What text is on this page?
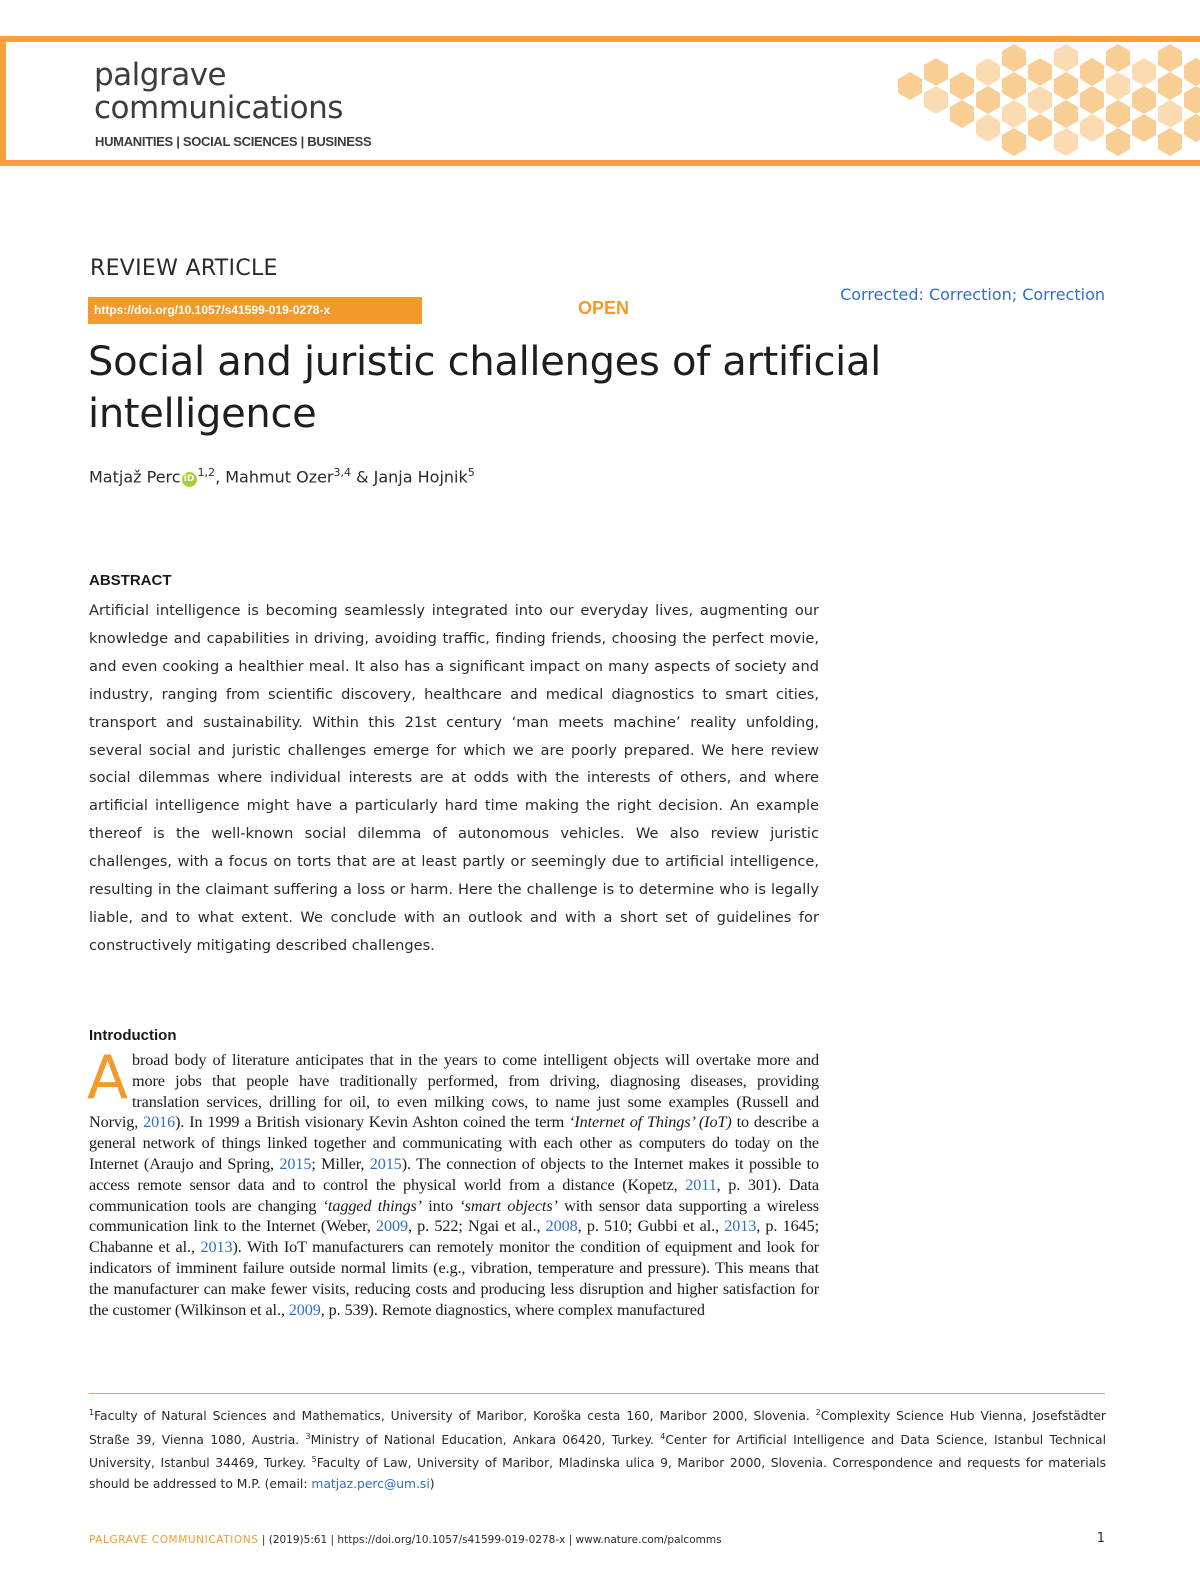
palgrave
communications
HUMANITIES | SOCIAL SCIENCES | BUSINESS
REVIEW ARTICLE
https://doi.org/10.1057/s41599-019-0278-x	OPEN
Corrected: Correction; Correction
Social and juristic challenges of artificial intelligence
Matjaž Perc iD$^{1,2}$, Mahmut Ozer$^{3,4}$ & Janja Hojnik$^5$
ABSTRACT

Artificial intelligence is becoming seamlessly integrated into our everyday lives, augmenting our knowledge and capabilities in driving, avoiding traffic, finding friends, choosing the perfect movie, and even cooking a healthier meal. It also has a significant impact on many aspects of society and industry, ranging from scientific discovery, healthcare and medical diagnostics to smart cities, transport and sustainability. Within this 21st century ‘man meets machine’ reality unfolding, several social and juristic challenges emerge for which we are poorly prepared. We here review social dilemmas where individual interests are at odds with the interests of others, and where artificial intelligence might have a particularly hard time making the right decision. An example thereof is the well-known social dilemma of autonomous vehicles. We also review juristic challenges, with a focus on torts that are at least partly or seemingly due to artificial intelligence, resulting in the claimant suffering a loss or harm. Here the challenge is to determine who is legally liable, and to what extent. We conclude with an outlook and with a short set of guidelines for constructively mitigating described challenges.

Introduction

A broad body of literature anticipates that in the years to come intelligent objects will overtake more and more jobs that people have traditionally performed, from driving, diagnosing diseases, providing translation services, drilling for oil, to even milking cows, to name just some examples (Russell and Norvig, 2016). In 1999 a British visionary Kevin Ashton coined the term ‘Internet of Things’ (IoT) to describe a general network of things linked together and communicating with each other as computers do today on the Internet (Araujo and Spring, 2015; Miller, 2015). The connection of objects to the Internet makes it possible to access remote sensor data and to control the physical world from a distance (Kopetz, 2011, p. 301). Data communication tools are changing ‘tagged things’ into ‘smart objects’ with sensor data supporting a wireless communication link to the Internet (Weber, 2009, p. 522; Ngai et al., 2008, p. 510; Gubbi et al., 2013, p. 1645; Chabanne et al., 2013). With IoT manufacturers can remotely monitor the condition of equipment and look for indicators of imminent failure outside normal limits (e.g., vibration, temperature and pressure). This means that the manufacturer can make fewer visits, reducing costs and producing less disruption and higher satisfaction for the customer (Wilkinson et al., 2009, p. 539). Remote diagnostics, where complex manufactured

$^1$Faculty of Natural Sciences and Mathematics, University of Maribor, Koroška cesta 160, Maribor 2000, Slovenia. $^2$Complexity Science Hub Vienna, Josefstädter Straße 39, Vienna 1080, Austria. $^3$Ministry of National Education, Ankara 06420, Turkey. $^4$Center for Artificial Intelligence and Data Science, Istanbul Technical University, Istanbul 34469, Turkey. $^5$Faculty of Law, University of Maribor, Mladinska ulica 9, Maribor 2000, Slovenia. Correspondence and requests for materials should be addressed to M.P. (email: matjaz.perc@um.si)

PALGRAVE COMMUNICATIONS | (2019)5:61 | https://doi.org/10.1057/s41599-019-0278-x | www.nature.com/palcomms	1
